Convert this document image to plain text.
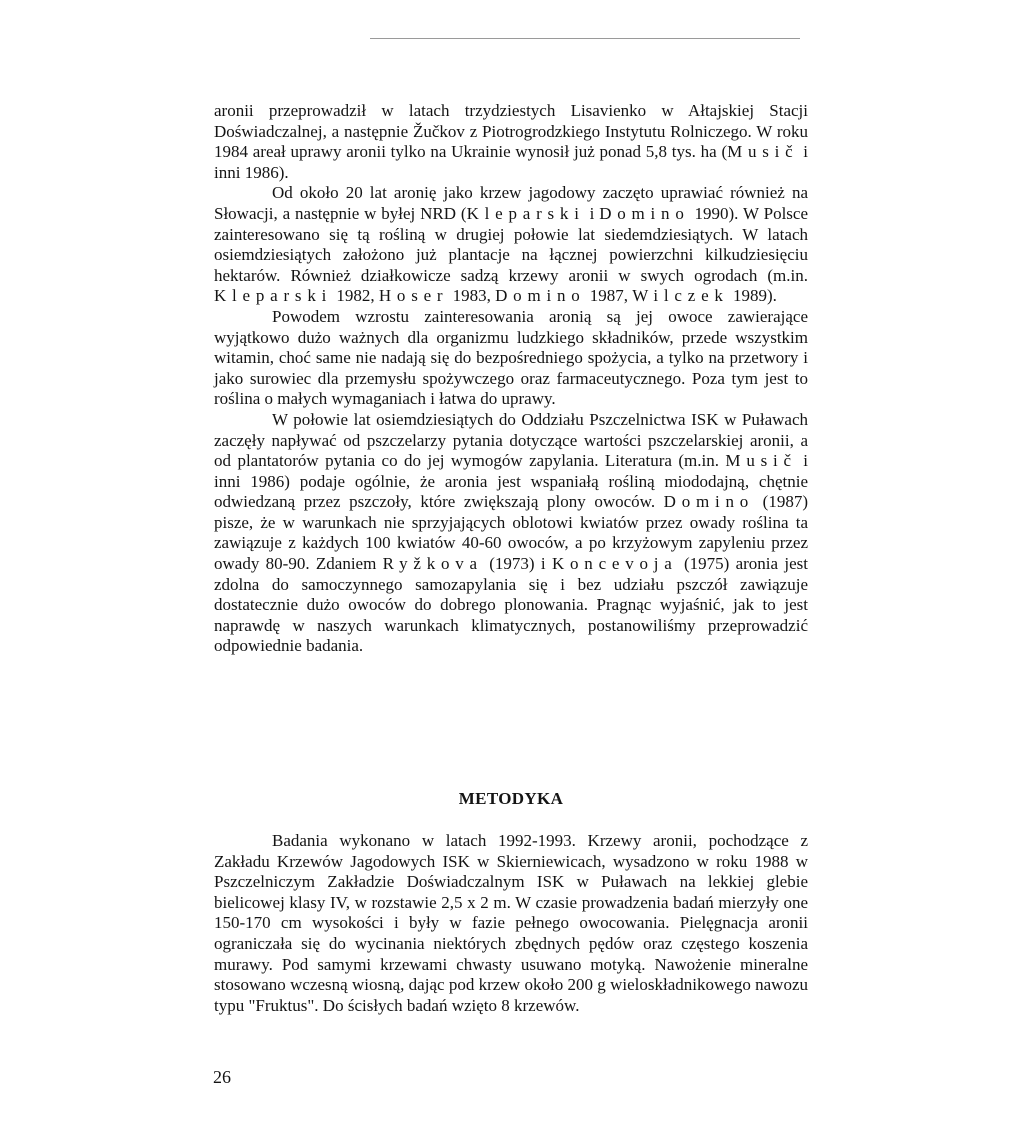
aronii przeprowadził w latach trzydziestych Lisavienko w Ałtajskiej Stacji Doświadczalnej, a następnie Žučkov z Piotrogrodzkiego Instytutu Rolniczego. W roku 1984 areał uprawy aronii tylko na Ukrainie wynosił już ponad 5,8 tys. ha (Musič i inni 1986).

Od około 20 lat aronię jako krzew jagodowy zaczęto uprawiać również na Słowacji, a następnie w byłej NRD (Kleparski i Domino 1990). W Polsce zainteresowano się tą rośliną w drugiej połowie lat siedemdziesiątych. W latach osiemdziesiątych założono już plantacje na łącznej powierzchni kilkudziesięciu hektarów. Również działkowicze sadzą krzewy aronii w swych ogrodach (m.in. Kleparski 1982, Hoser 1983, Domino 1987, Wilczek 1989).

Powodem wzrostu zainteresowania aronią są jej owoce zawierające wyjątkowo dużo ważnych dla organizmu ludzkiego składników, przede wszystkim witamin, choć same nie nadają się do bezpośredniego spożycia, a tylko na przetwory i jako surowiec dla przemysłu spożywczego oraz farmaceutycznego. Poza tym jest to roślina o małych wymaganiach i łatwa do uprawy.

W połowie lat osiemdziesiątych do Oddziału Pszczelnictwa ISK w Puławach zaczęły napływać od pszczelarzy pytania dotyczące wartości pszczelarskiej aronii, a od plantatorów pytania co do jej wymogów zapylania. Literatura (m.in. Musič i inni 1986) podaje ogólnie, że aronia jest wspaniałą rośliną miododajną, chętnie odwiedzaną przez pszczoły, które zwiększają plony owoców. Domino (1987) pisze, że w warunkach nie sprzyjających oblotowi kwiatów przez owady roślina ta zawiązuje z każdych 100 kwiatów 40-60 owoców, a po krzyżowym zapyleniu przez owady 80-90. Zdaniem Ryžkova (1973) i Koncevoja (1975) aronia jest zdolna do samoczynnego samozapylania się i bez udziału pszczół zawiązuje dostatecznie dużo owoców do dobrego plonowania. Pragnąc wyjaśnić, jak to jest naprawdę w naszych warunkach klimatycznych, postanowiliśmy przeprowadzić odpowiednie badania.

METODYKA

Badania wykonano w latach 1992-1993. Krzewy aronii, pochodzące z Zakładu Krzewów Jagodowych ISK w Skierniewicach, wysadzono w roku 1988 w Pszczelniczym Zakładzie Doświadczalnym ISK w Puławach na lekkiej glebie bielicowej klasy IV, w rozstawie 2,5 x 2 m. W czasie prowadzenia badań mierzyły one 150-170 cm wysokości i były w fazie pełnego owocowania. Pielęgnacja aronii ograniczała się do wycinania niektórych zbędnych pędów oraz częstego koszenia murawy. Pod samymi krzewami chwasty usuwano motyką. Nawożenie mineralne stosowano wczesną wiosną, dając pod krzew około 200 g wieloskładnikowego nawozu typu "Fruktus". Do ścisłych badań wzięto 8 krzewów.

26
